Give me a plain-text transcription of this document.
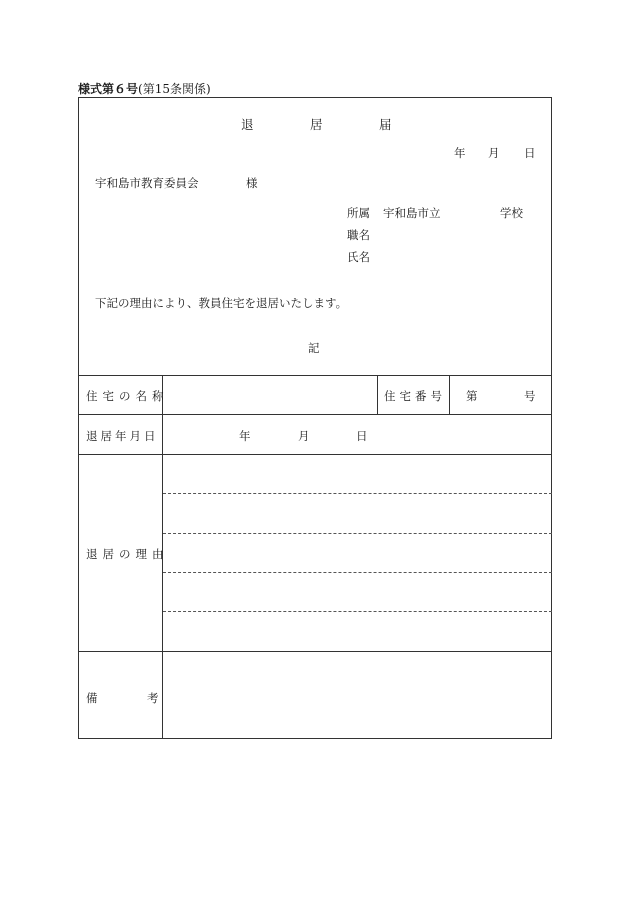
様式第６号(第15条関係)
退	居	届
年 月 日
宇和島市教育委員会	様
所属 宇和島市立	学校
職名
氏名
下記の理由により、教員住宅を退居いたします。
記
住宅の名称	住宅番号 第	号
退居年月日	年	月	日
退居の理由
備	考
